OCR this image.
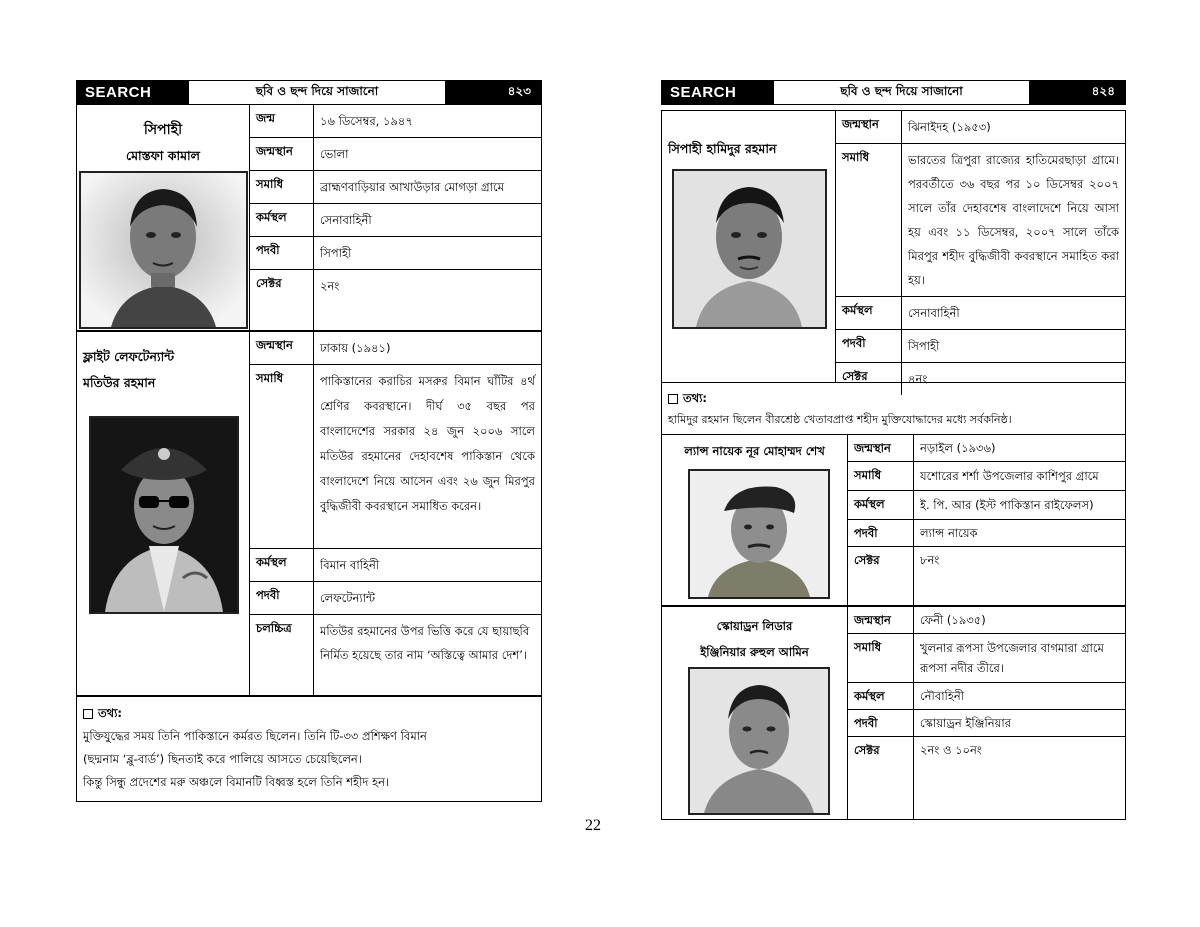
SEARCH	ছবি ও ছন্দ দিয়ে সাজানো	৪২৩
সিপাহী
মোস্তফা কামাল
জন্ম	১৬ ডিসেম্বর, ১৯৪৭
জন্মস্থান	ভোলা
সমাধি	ব্রাহ্মণবাড়িয়ার আখাউড়ার মোগড়া গ্রামে
কর্মস্থল	সেনাবাহিনী
পদবী	সিপাহী
সেক্টর	২নং
ফ্লাইট লেফটেন্যান্ট
মতিউর রহমান
জন্মস্থান	ঢাকায় (১৯৪১)
সমাধি	পাকিস্তানের করাচির মসরুর বিমান ঘাঁটির ৪র্থ শ্রেণির কবরস্থানে। দীর্ঘ ৩৫ বছর পর বাংলাদেশের সরকার ২৪ জুন ২০০৬ সালে মতিউর রহমানের দেহাবশেষ পাকিস্তান থেকে বাংলাদেশে নিয়ে আসেন এবং ২৬ জুন মিরপুর বুদ্ধিজীবী কবরস্থানে সমাধিত করেন।
কর্মস্থল	বিমান বাহিনী
পদবী	লেফটেন্যান্ট
চলচ্চিত্র	মতিউর রহমানের উপর ভিত্তি করে যে ছায়াছবি নির্মিত হয়েছে তার নাম ‘অস্তিত্বে আমার দেশ’।
তথ্য:
মুক্তিযুদ্ধের সময় তিনি পাকিস্তানে কর্মরত ছিলেন। তিনি টি-৩৩ প্রশিক্ষণ বিমান
(ছদ্মনাম ‘ব্লু-বার্ড’) ছিনতাই করে পালিয়ে আসতে চেয়েছিলেন।
কিন্তু সিন্ধু প্রদেশের মরু অঞ্চলে বিমানটি বিধ্বস্ত হলে তিনি শহীদ হন।
SEARCH	ছবি ও ছন্দ দিয়ে সাজানো	৪২৪
সিপাহী হামিদুর রহমান
জন্মস্থান	ঝিনাইদহ (১৯৫৩)
সমাধি	ভারতের ত্রিপুরা রাজ্যের হাতিমেরছাড়া গ্রামে। পরবর্তীতে ৩৬ বছর পর ১০ ডিসেম্বর ২০০৭ সালে তাঁর দেহাবশেষ বাংলাদেশে নিয়ে আসা হয় এবং ১১ ডিসেম্বর, ২০০৭ সালে তাঁকে মিরপুর শহীদ বুদ্ধিজীবী কবরস্থানে সমাহিত করা হয়।
কর্মস্থল	সেনাবাহিনী
পদবী	সিপাহী
সেক্টর	৪নং
তথ্য:
হামিদুর রহমান ছিলেন বীরশ্রেষ্ঠ খেতাবপ্রাপ্ত শহীদ মুক্তিযোদ্ধাদের মধ্যে সর্বকনিষ্ঠ।
ল্যান্স নায়েক নূর মোহাম্মদ শেখ	জন্মস্থান	নড়াইল (১৯৩৬)
সমাধি	যশোরের শর্শা উপজেলার কাশিপুর গ্রামে
কর্মস্থল	ই. পি. আর (ইস্ট পাকিস্তান রাইফেলস)
পদবী	ল্যান্স নায়েক
সেক্টর	৮নং
স্কোয়াড্রন লিডার
ইঞ্জিনিয়ার রুহুল আমিন
জন্মস্থান	ফেনী (১৯৩৫)
সমাধি	খুলনার রূপসা উপজেলার বাগমারা গ্রামে রূপসা নদীর তীরে।
কর্মস্থল	নৌবাহিনী
পদবী	স্কোয়াড্রন ইঞ্জিনিয়ার
সেক্টর	২নং ও ১০নং
22
